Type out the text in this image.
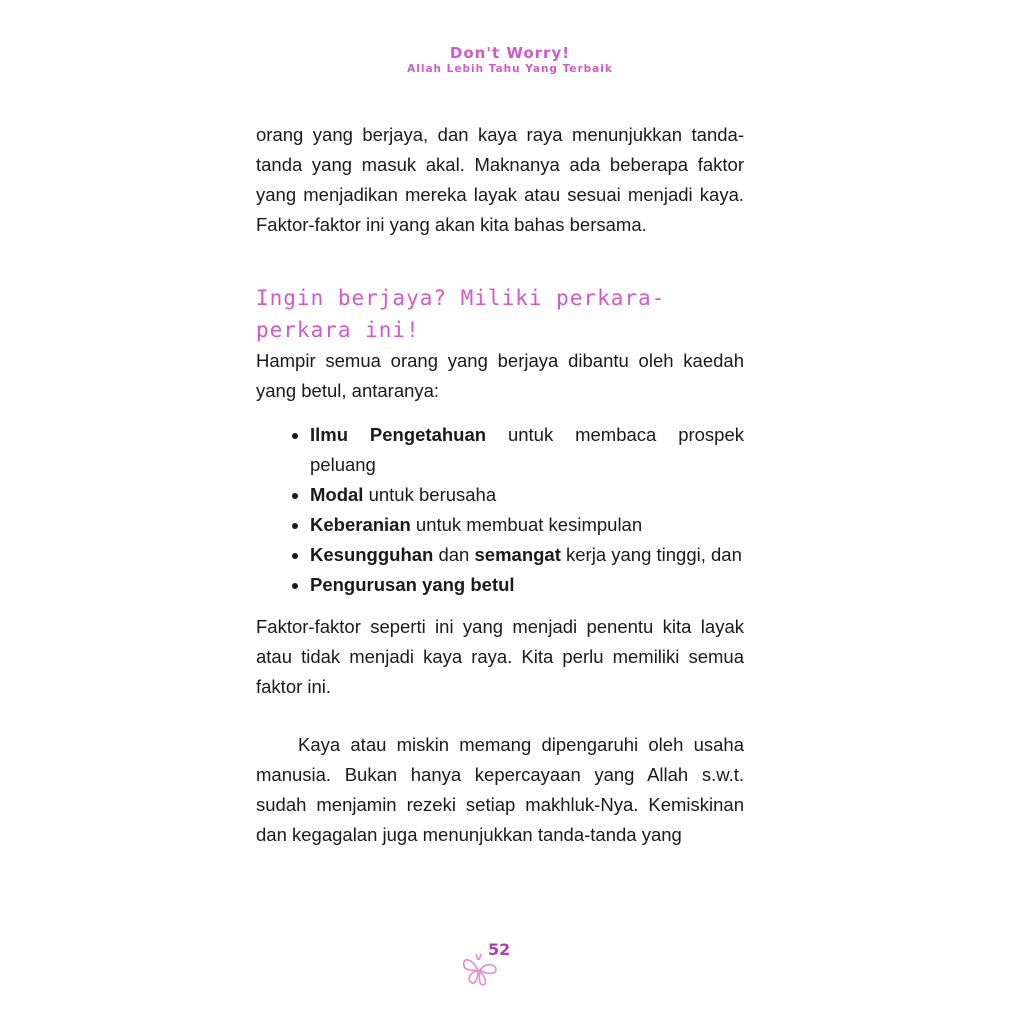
Don't Worry!
Allah Lebih Tahu Yang Terbaik

orang yang berjaya, dan kaya raya menunjukkan tanda-tanda yang masuk akal. Maknanya ada beberapa faktor yang menjadikan mereka layak atau sesuai menjadi kaya. Faktor-faktor ini yang akan kita bahas bersama.

Ingin berjaya? Miliki perkara-perkara ini!

Hampir semua orang yang berjaya dibantu oleh kaedah yang betul, antaranya:

• Ilmu Pengetahuan untuk membaca prospek peluang
• Modal untuk berusaha
• Keberanian untuk membuat kesimpulan
• Kesungguhan dan semangat kerja yang tinggi, dan
• Pengurusan yang betul

Faktor-faktor seperti ini yang menjadi penentu kita layak atau tidak menjadi kaya raya. Kita perlu memiliki semua faktor ini.

Kaya atau miskin memang dipengaruhi oleh usaha manusia. Bukan hanya kepercayaan yang Allah s.w.t. sudah menjamin rezeki setiap makhluk-Nya. Kemiskinan dan kegagalan juga menunjukkan tanda-tanda yang

52
